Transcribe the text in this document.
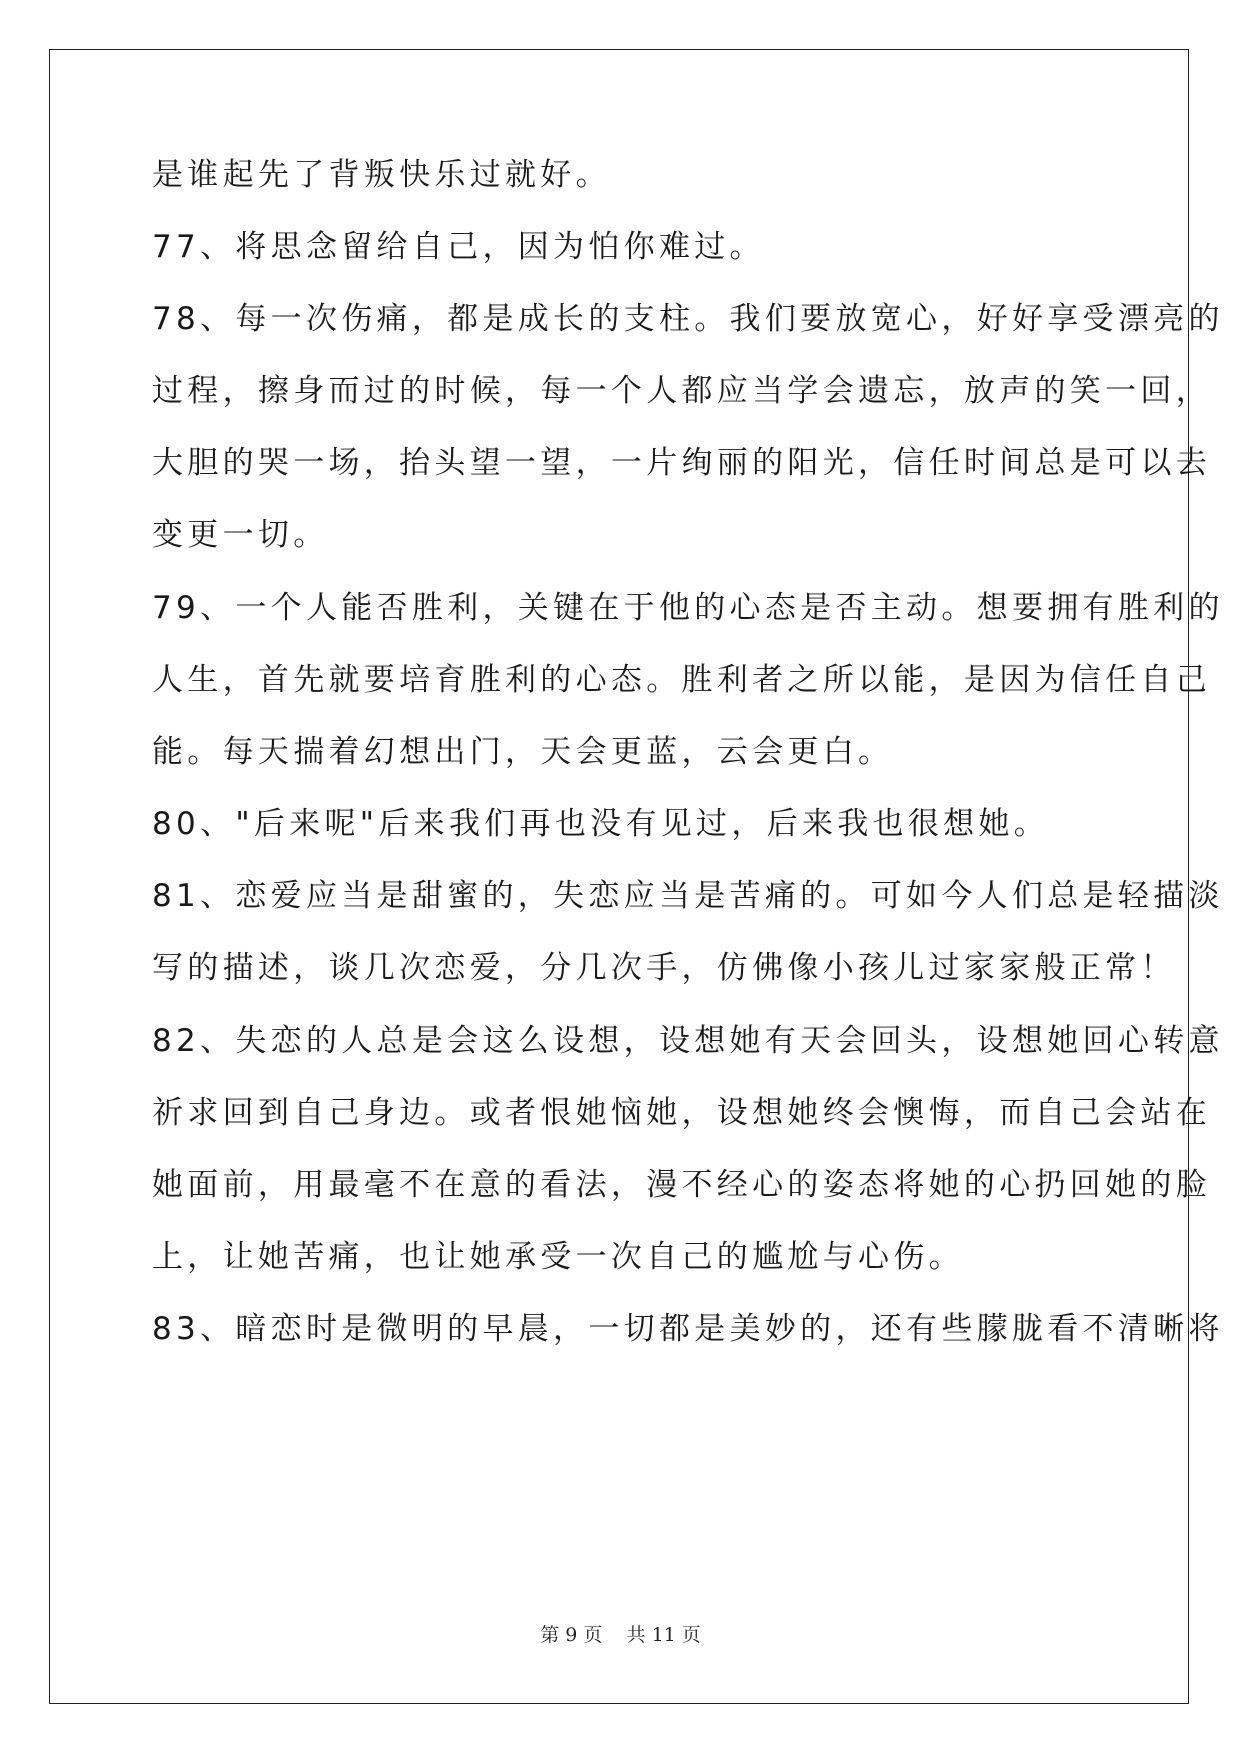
是谁起先了背叛快乐过就好。
77、将思念留给自己，因为怕你难过。
78、每一次伤痛，都是成长的支柱。我们要放宽心，好好享受漂亮的
过程，擦身而过的时候，每一个人都应当学会遗忘，放声的笑一回，
大胆的哭一场，抬头望一望，一片绚丽的阳光，信任时间总是可以去
变更一切。
79、一个人能否胜利，关键在于他的心态是否主动。想要拥有胜利的
人生，首先就要培育胜利的心态。胜利者之所以能，是因为信任自己
能。每天揣着幻想出门，天会更蓝，云会更白。
80、"后来呢"后来我们再也没有见过，后来我也很想她。
81、恋爱应当是甜蜜的，失恋应当是苦痛的。可如今人们总是轻描淡
写的描述，谈几次恋爱，分几次手，仿佛像小孩儿过家家般正常！
82、失恋的人总是会这么设想，设想她有天会回头，设想她回心转意
祈求回到自己身边。或者恨她恼她，设想她终会懊悔，而自己会站在
她面前，用最毫不在意的看法，漫不经心的姿态将她的心扔回她的脸
上，让她苦痛，也让她承受一次自己的尴尬与心伤。
83、暗恋时是微明的早晨，一切都是美妙的，还有些朦胧看不清晰将
第 9 页    共 11 页
